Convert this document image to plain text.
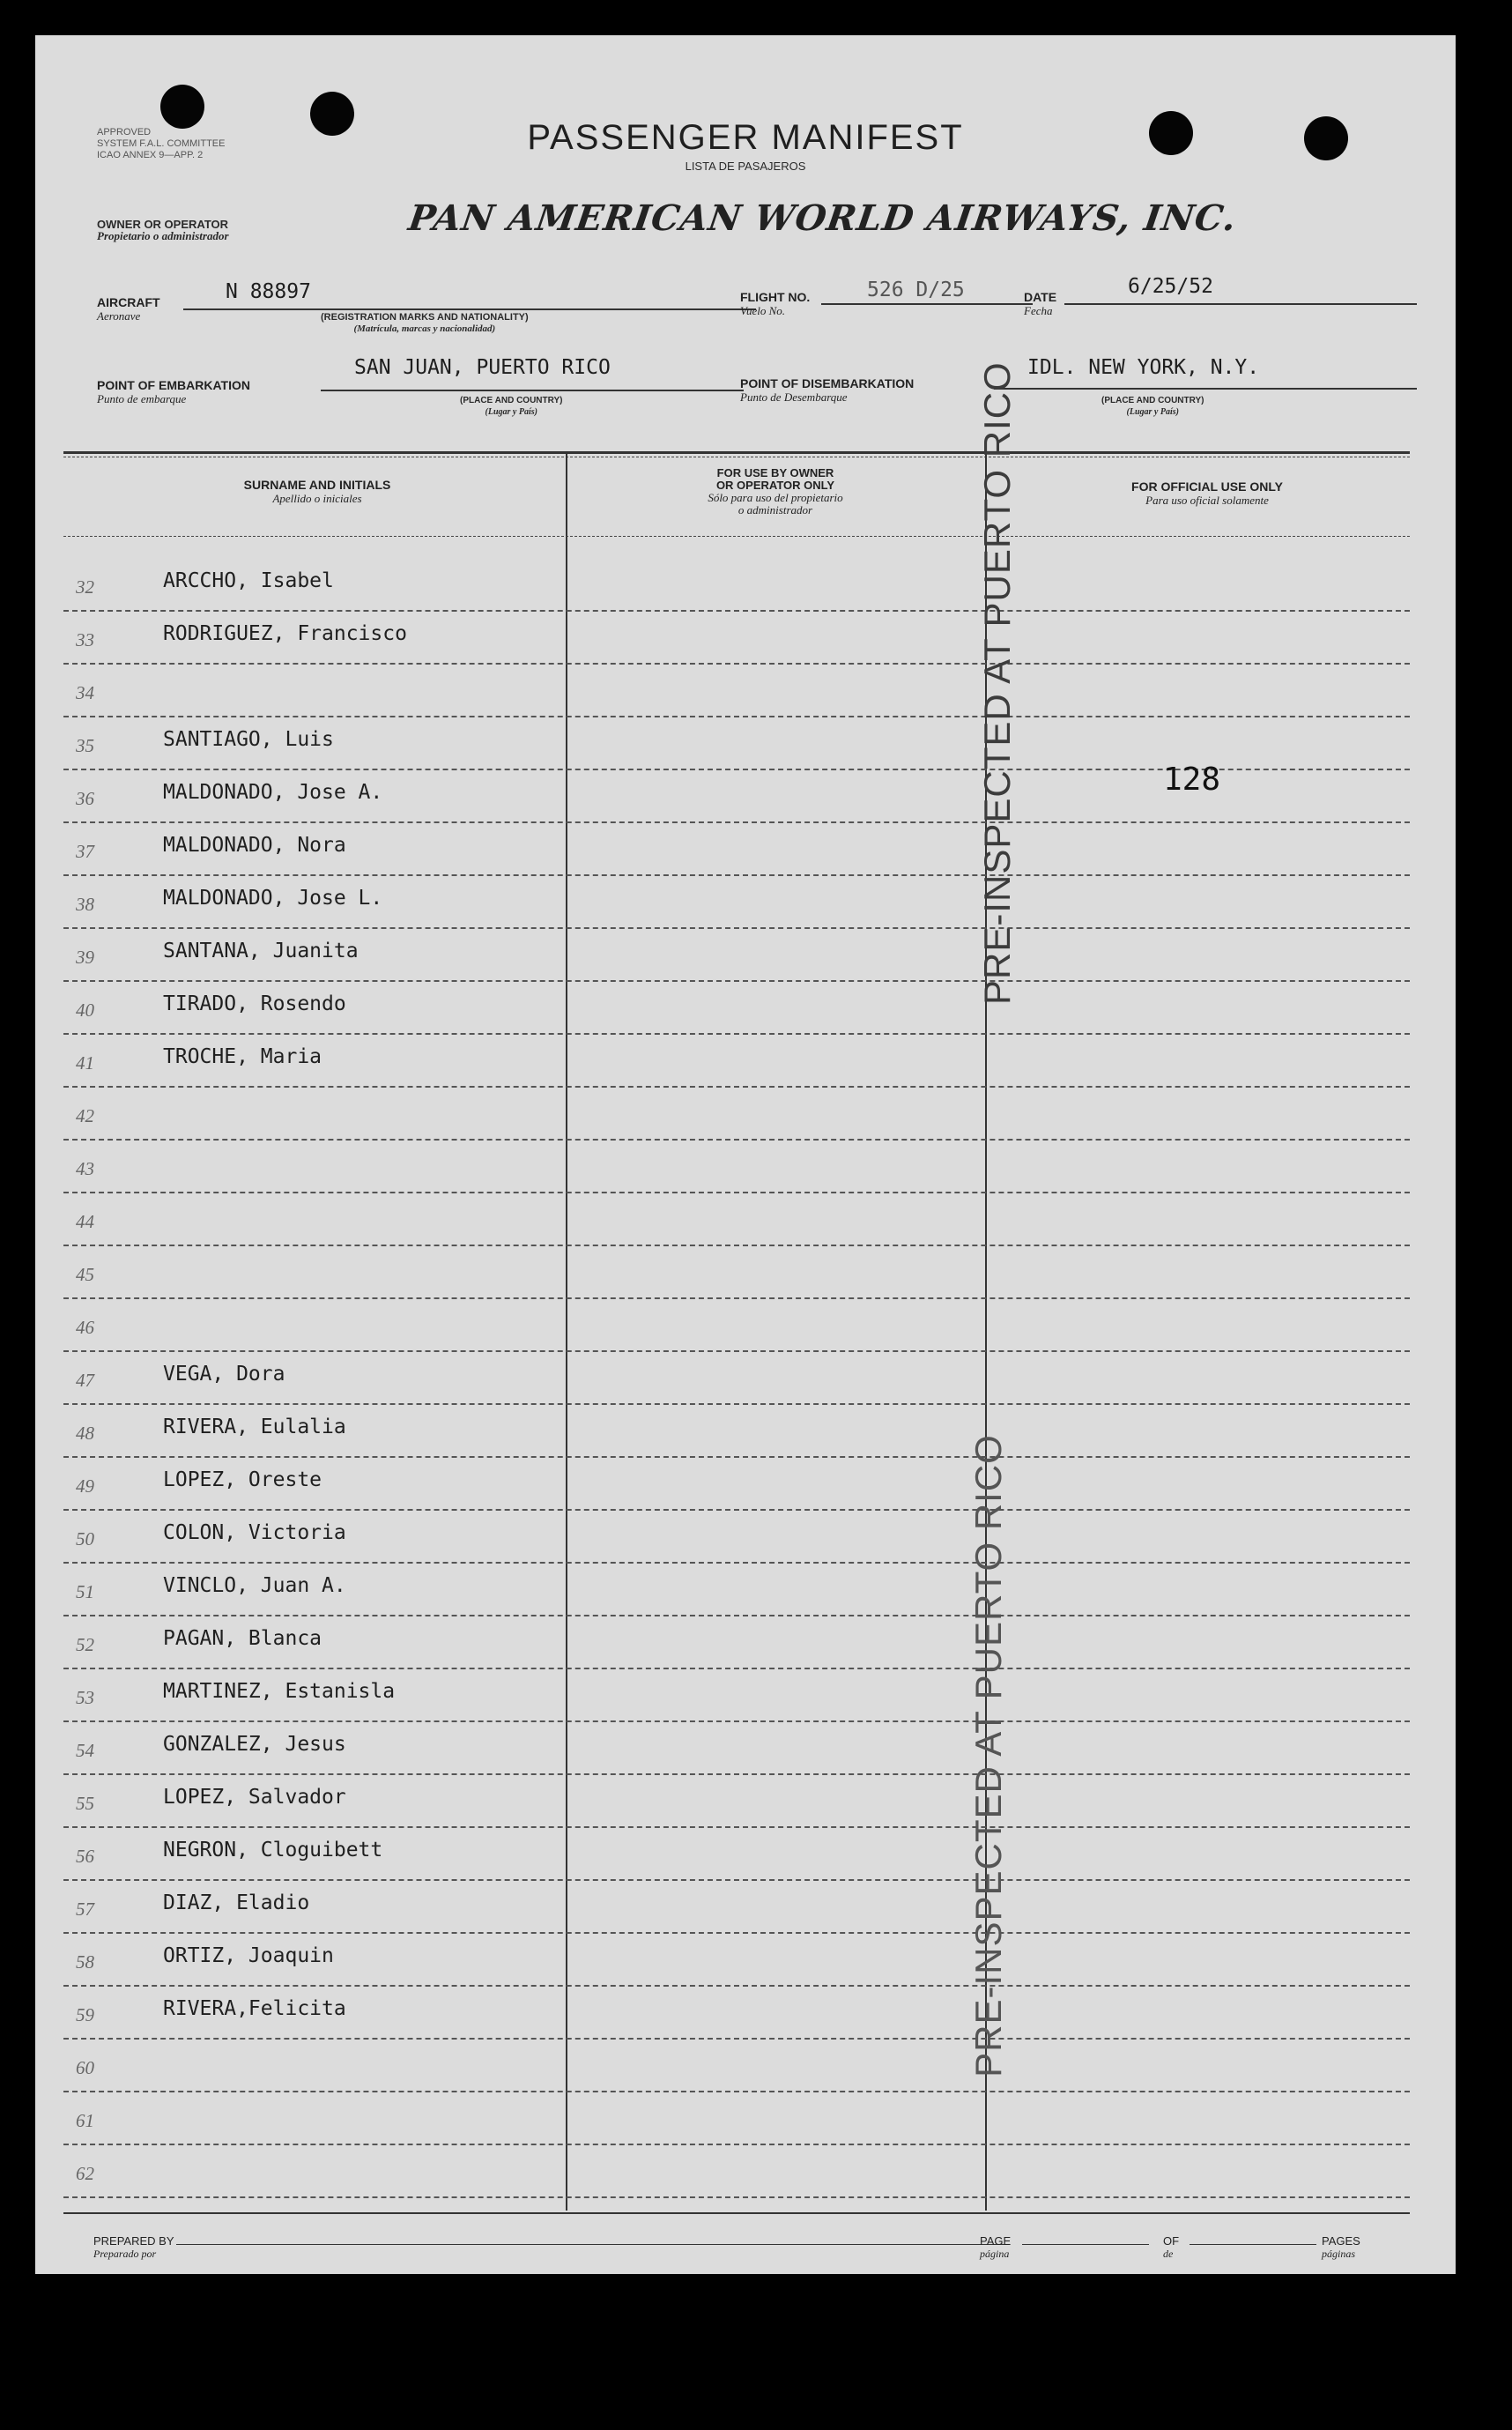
APPROVED
SYSTEM F.A.L. COMMITTEE
ICAO ANNEX 9—APP. 2	PASSENGER MANIFEST
LISTA DE PASAJEROS
OWNER OR OPERATOR
Propietario o administrador	PAN AMERICAN WORLD AIRWAYS, INC.
AIRCRAFT
Aeronave
N 88897
(REGISTRATION MARKS AND NATIONALITY)
(Matrícula, marcas y nacionalidad)
FLIGHT NO.
Vuelo No.
526 D/25	DATE
Fecha
6/25/52
POINT OF EMBARKATION
Punto de embarque
SAN JUAN, PUERTO RICO
(PLACE AND COUNTRY)
(Lugar y País)
POINT OF DISEMBARKATION
Punto de Desembarque
IDL. NEW YORK, N.Y.
(PLACE AND COUNTRY)
(Lugar y País)
SURNAME AND INITIALS
Apellido o iniciales
FOR USE BY OWNER
OR OPERATOR ONLY
Sólo para uso del propietario
o administrador
FOR OFFICIAL USE ONLY
Para uso oficial solamente
32	ARCCHO, Isabel
33	RODRIGUEZ, Francisco
34
35	SANTIAGO, Luis
36	MALDONADO, Jose A.
37	MALDONADO, Nora
38	MALDONADO, Jose L.
39	SANTANA, Juanita
40	TIRADO, Rosendo
41	TROCHE, Maria
42
43
44
45
46
47	VEGA, Dora
48	RIVERA, Eulalia
49	LOPEZ, Oreste
50	COLON, Victoria
51	VINCLO, Juan A.
52	PAGAN, Blanca
53	MARTINEZ, Estanisla
54	GONZALEZ, Jesus
55	LOPEZ, Salvador
56	NEGRON, Cloguibett
57	DIAZ, Eladio
58	ORTIZ, Joaquin
59	RIVERA,Felicita
60
61
62
PRE-INSPECTED AT PUERTO RICO
PRE-INSPECTED AT PUERTO RICO
128
PREPARED BY
Preparado por
PAGE
página
OF
de
PAGES
páginas
